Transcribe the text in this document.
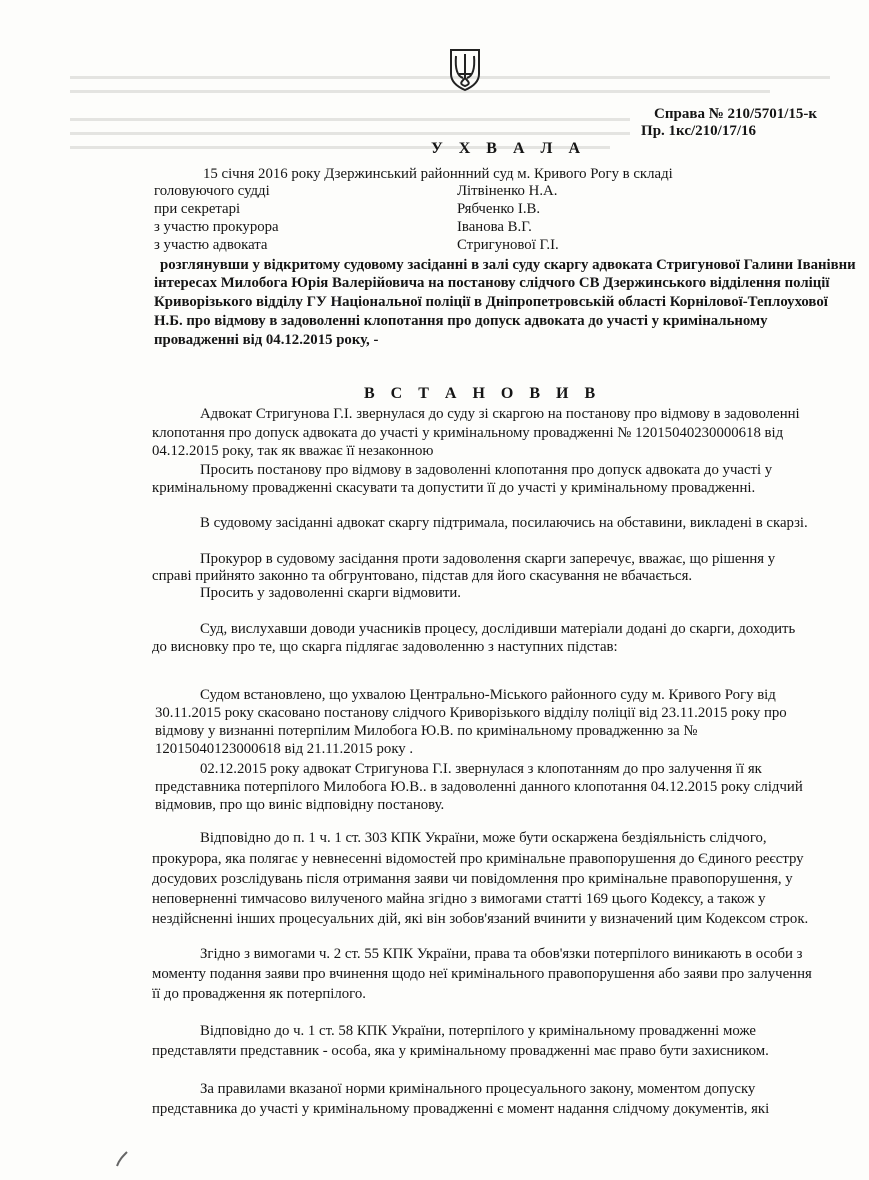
Справа № 210/5701/15-к
Пр. 1кс/210/17/16
У Х В А Л А
15 січня 2016 року Дзержинський районнний суд м. Кривого Рогу в складі
головуючого судді	Літвіненко Н.А.
при секретарі	Рябченко І.В.
з участю прокурора	Іванова В.Г.
з участю адвоката	Стригунової Г.І.
розглянувши у відкритому судовому засіданні в залі суду скаргу адвоката Стригунової Галини Іванівни
інтересах Милобога Юрія Валерійовича на постанову слідчого СВ Дзержинського відділення поліції
Криворізького відділу ГУ Національної поліції в Дніпропетровській області Корнілової-Теплоухової
Н.Б. про відмову в задоволенні клопотання про допуск адвоката до участі у кримінальному
провадженні від 04.12.2015 року, -
В С Т А Н О В И В
Адвокат Стригунова Г.І. звернулася до суду зі скаргою на постанову про відмову в задоволенні
клопотання про допуск адвоката до участі у кримінальному провадженні № 12015040230000618 від
04.12.2015 року, так як вважає її незаконною
Просить постанову про відмову в задоволенні клопотання про допуск адвоката до участі у
кримінальному провадженні скасувати та допустити її до участі у кримінальному провадженні.
В судовому засіданні адвокат скаргу підтримала, посилаючись на обставини, викладені в скарзі.
Прокурор в судовому засідання проти задоволення скарги заперечує, вважає, що рішення у
справі прийнято законно та обгрунтовано, підстав для його скасування не вбачається.
Просить у задоволенні скарги відмовити.
Суд, вислухавши доводи учасників процесу, дослідивши матеріали додані до скарги, доходить
до висновку про те, що скарга підлягає задоволенню з наступних підстав:
Судом встановлено, що ухвалою Центрально-Міського районного суду м. Кривого Рогу від
30.11.2015 року скасовано постанову слідчого Криворізького відділу поліції від 23.11.2015 року про
відмову у визнанні потерпілим Милобога Ю.В. по кримінальному провадженню за №
12015040123000618 від 21.11.2015 року .
02.12.2015 року адвокат Стригунова Г.І. звернулася з клопотанням до про залучення її як
представника потерпілого Милобога Ю.В.. в задоволенні данного клопотання 04.12.2015 року слідчий
відмовив, про що виніс відповідну постанову.
Відповідно до п. 1 ч. 1 ст. 303 КПК України, може бути оскаржена бездіяльність слідчого,
прокурора, яка полягає у невнесенні відомостей про кримінальне правопорушення до Єдиного реєстру
досудових розслідувань після отримання заяви чи повідомлення про кримінальне правопорушення, у
неповерненні тимчасово вилученого майна згідно з вимогами статті 169 цього Кодексу, а також у
нездійсненні інших процесуальних дій, які він зобов'язаний вчинити у визначений цим Кодексом строк.
Згідно з вимогами ч. 2 ст. 55 КПК України, права та обов'язки потерпілого виникають в особи з
моменту подання заяви про вчинення щодо неї кримінального правопорушення або заяви про залучення
її до провадження як потерпілого.
Відповідно до ч. 1 ст. 58 КПК України, потерпілого у кримінальному провадженні може
представляти представник - особа, яка у кримінальному провадженні має право бути захисником.
За правилами вказаної норми кримінального процесуального закону, моментом допуску
представника до участі у кримінальному провадженні є момент надання слідчому документів, які
